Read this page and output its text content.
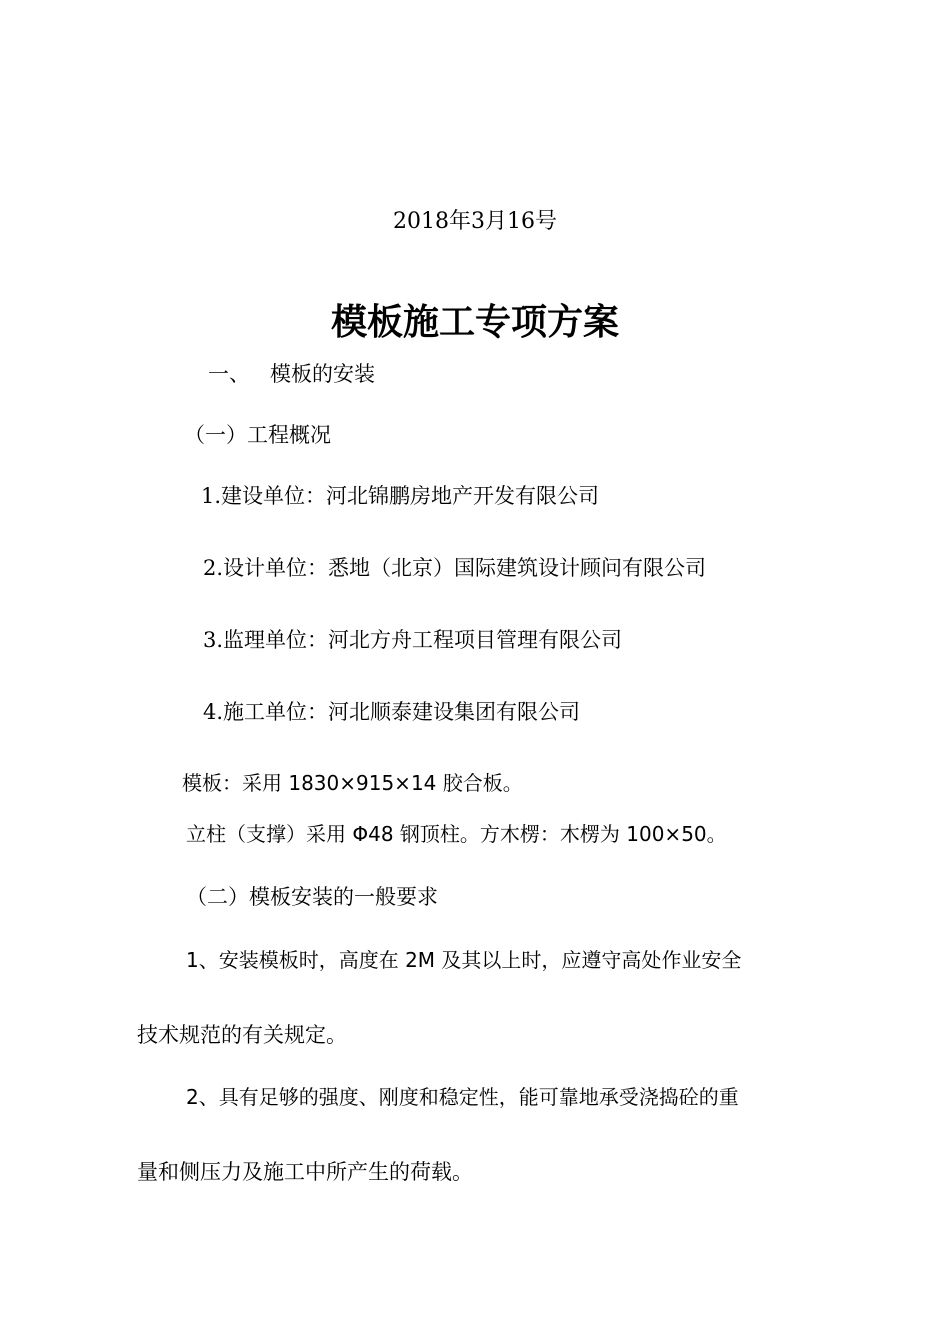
2018年3月16号
模板施工专项方案
一、 模板的安装
（一）工程概况
1.建设单位：河北锦鹏房地产开发有限公司
2.设计单位：悉地（北京）国际建筑设计顾问有限公司
3.监理单位：河北方舟工程项目管理有限公司
4.施工单位：河北顺泰建设集团有限公司
模板：采用 1830×915×14 胶合板。
立柱（支撑）采用 Φ48 钢顶柱。方木楞：木楞为 100×50。
（二）模板安装的一般要求
1、安装模板时，高度在 2M 及其以上时，应遵守高处作业安全
技术规范的有关规定。
2、具有足够的强度、刚度和稳定性，能可靠地承受浇捣砼的重
量和侧压力及施工中所产生的荷载。
